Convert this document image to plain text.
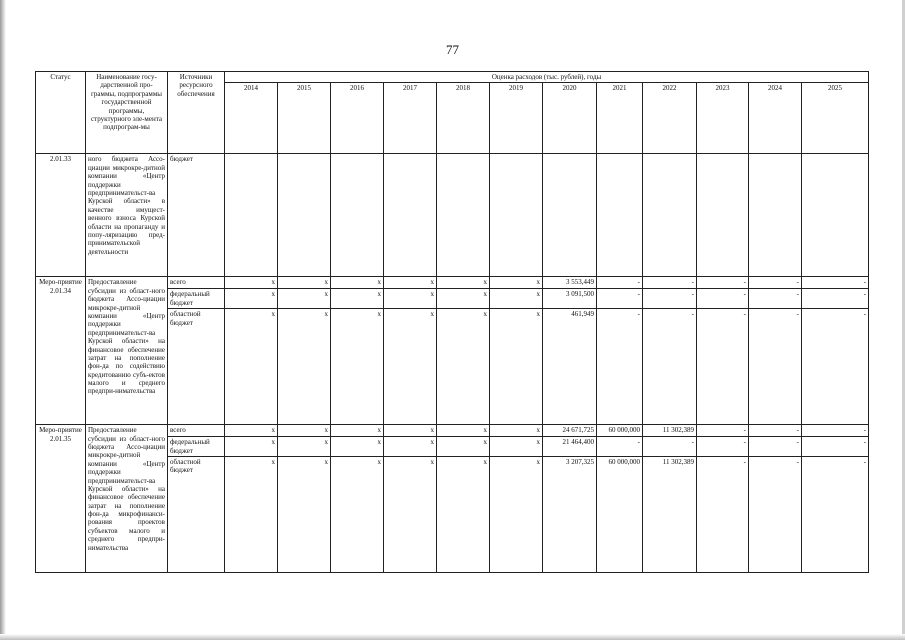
77
Статус	Наименование госу-дарственной про-граммы, подпрограммы государственной программы, структурного эле-мента подпрограм-мы	Источники ресурсного обеспечения	Оценка расходов (тыс. рублей), годы											
			2014	2015	2016	2017	2018	2019	2020	2021	2022	2023	2024	2025
2.01.33	ного бюджета Ассо-циации микрокре-дитной компании «Центр поддержки предпринимательст-ва Курской области» в качестве имущест-венного взноса Курской области на пропаганду и попу-ляризацию пред-принимательской деятельности	бюджет												
Меро-приятие 2.01.34	Предоставление субсидии из област-ного бюджета Ассо-циации микрокре-дитной компании «Центр поддержки предпринимательст-ва Курской области» на финансовое обеспечение затрат на пополнение фон-да по содействию кредитованию субъ-ектов малого и среднего предпри-нимательства	всего	x	x	x	x	x	x	3 553,449	-	-	-	-	-
		федеральный бюджет	x	x	x	x	x	x	3 091,500	-	-	-	-	-
		областной бюджет	x	x	x	x	x	x	461,949	-	-	-	-	-
Меро-приятие 2.01.35	Предоставление субсидии из област-ного бюджета Ассо-циации микрокре-дитной компании «Центр поддержки предпринимательст-ва Курской области» на финансовое обеспечение затрат на пополнение фон-да микрофинанси-рования проектов субъектов малого и среднего предпри-нимательства	всего	x	x	x	x	x	x	24 671,725	60 000,000	11 302,389	-	-	-
		федеральный бюджет	x	x	x	x	x	x	21 464,400	-	-	-	-	-
		областной бюджет	x	x	x	x	x	x	3 207,325	60 000,000	11 302,389	-	-	-
